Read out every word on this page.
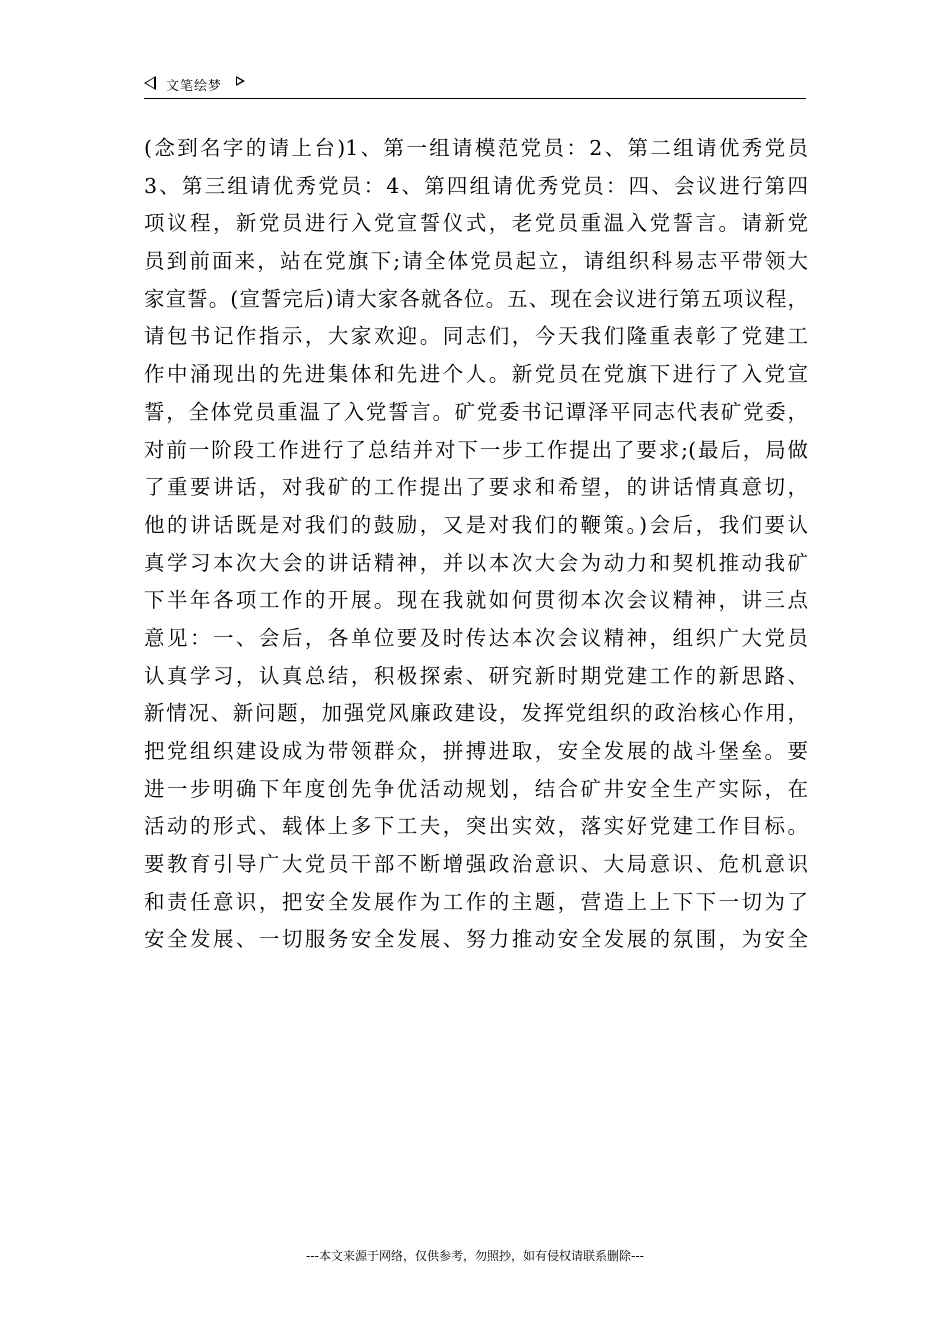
文笔绘梦
(念到名字的请上台)1、第一组请模范党员：2、第二组请优秀党员
3、第三组请优秀党员：4、第四组请优秀党员：四、会议进行第四
项议程，新党员进行入党宣誓仪式，老党员重温入党誓言。请新党
员到前面来，站在党旗下;请全体党员起立，请组织科易志平带领大
家宣誓。(宣誓完后)请大家各就各位。五、现在会议进行第五项议程，
请包书记作指示，大家欢迎。同志们，今天我们隆重表彰了党建工
作中涌现出的先进集体和先进个人。新党员在党旗下进行了入党宣
誓，全体党员重温了入党誓言。矿党委书记谭泽平同志代表矿党委，
对前一阶段工作进行了总结并对下一步工作提出了要求;(最后，局做
了重要讲话，对我矿的工作提出了要求和希望，的讲话情真意切，
他的讲话既是对我们的鼓励，又是对我们的鞭策。)会后，我们要认
真学习本次大会的讲话精神，并以本次大会为动力和契机推动我矿
下半年各项工作的开展。现在我就如何贯彻本次会议精神，讲三点
意见：一、会后，各单位要及时传达本次会议精神，组织广大党员
认真学习，认真总结，积极探索、研究新时期党建工作的新思路、
新情况、新问题，加强党风廉政建设，发挥党组织的政治核心作用，
把党组织建设成为带领群众，拼搏进取，安全发展的战斗堡垒。要
进一步明确下年度创先争优活动规划，结合矿井安全生产实际，在
活动的形式、载体上多下工夫，突出实效，落实好党建工作目标。
要教育引导广大党员干部不断增强政治意识、大局意识、危机意识
和责任意识，把安全发展作为工作的主题，营造上上下下一切为了
安全发展、一切服务安全发展、努力推动安全发展的氛围，为安全
---本文来源于网络，仅供参考，勿照抄，如有侵权请联系删除---
